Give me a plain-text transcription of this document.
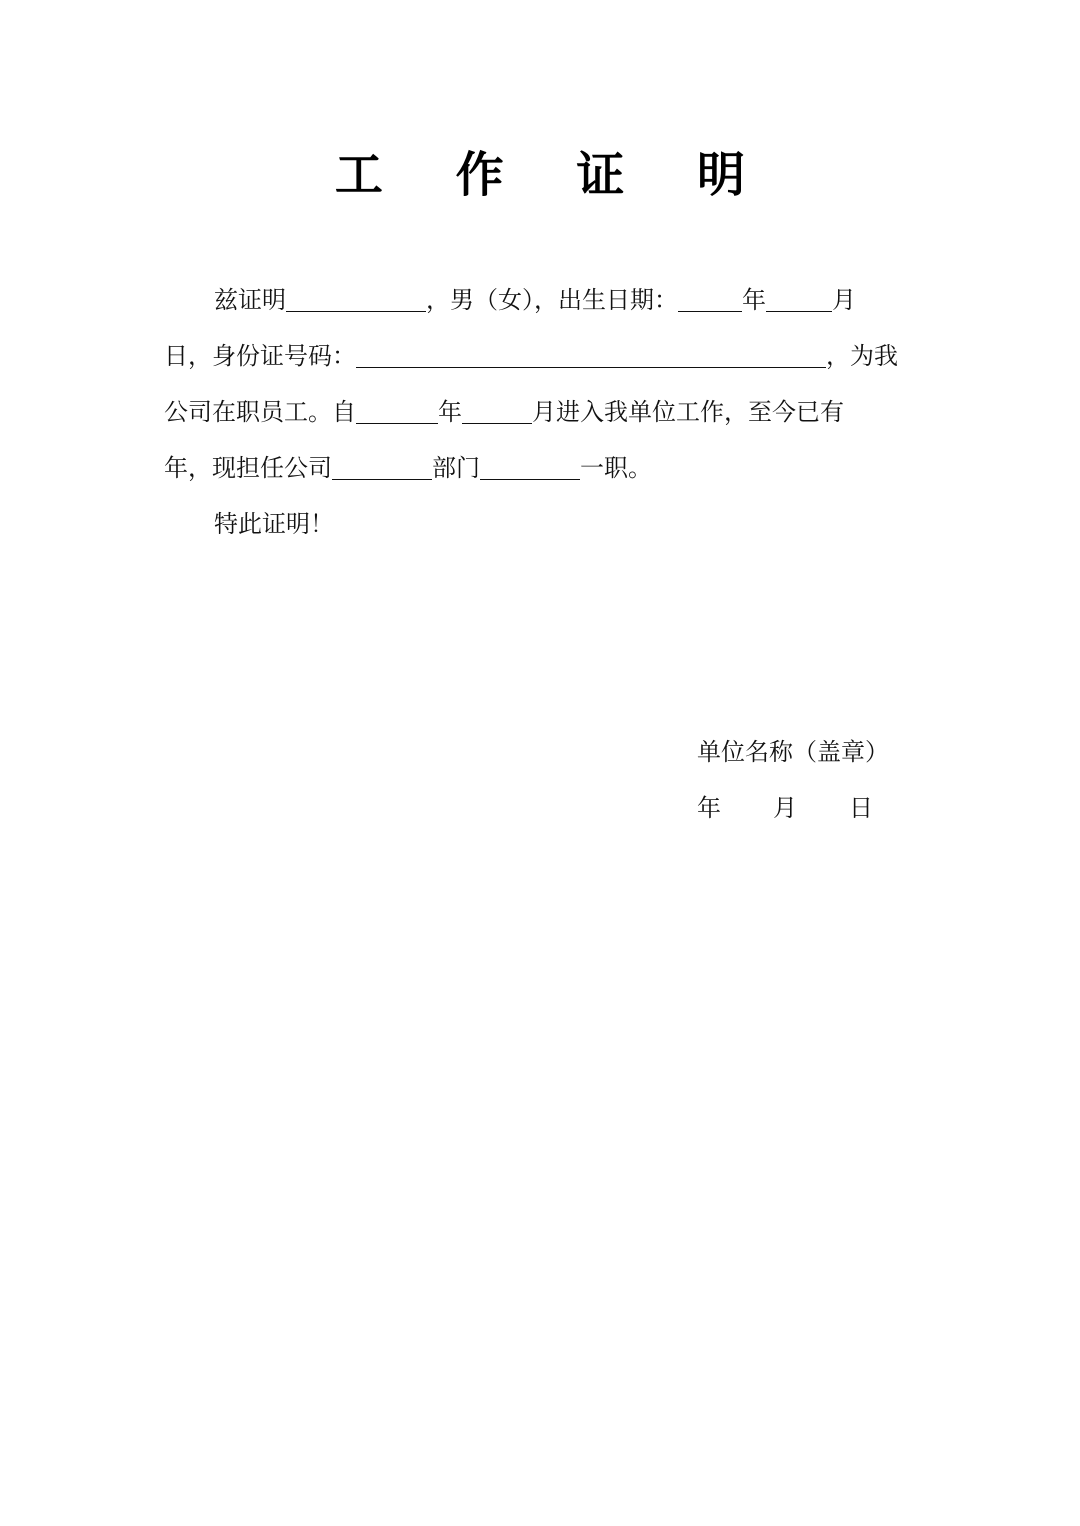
工 作 证 明
兹证明	，男（女），出生日期：	年	月
日，身份证号码：	，为我
公司在职员工。自	年	月进入我单位工作，至今已有
年，现担任公司	部门	一职。
特此证明！
单位名称（盖章）
年 月 日
